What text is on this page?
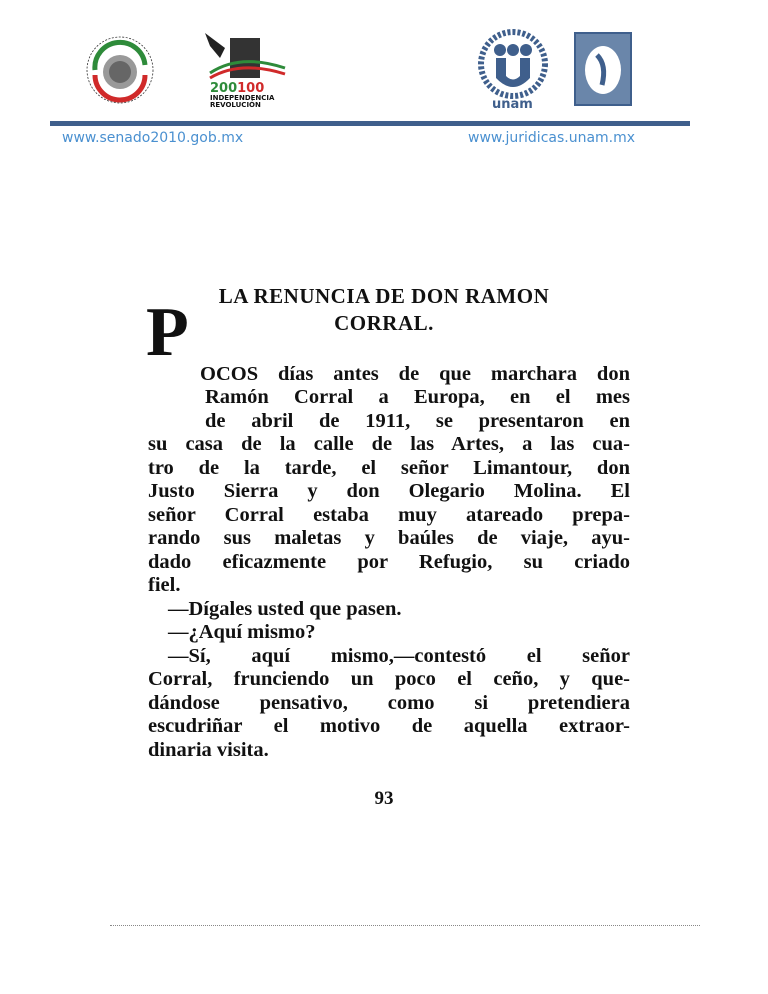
200100
INDEPENDENCIA
REVOLUCIÓN	unam
www.senado2010.gob.mx	www.juridicas.unam.mx
LA RENUNCIA DE DON RAMON
CORRAL.
P
OCOS días antes de que marchara don
Ramón Corral a Europa, en el mes
de abril de 1911, se presentaron en
su casa de la calle de las Artes, a las cua-
tro de la tarde, el señor Limantour, don
Justo Sierra y don Olegario Molina. El
señor Corral estaba muy atareado prepa-
rando sus maletas y baúles de viaje, ayu-
dado eficazmente por Refugio, su criado
fiel.
—Dígales usted que pasen.
—¿Aquí mismo?
—Sí, aquí mismo,—contestó el señor
Corral, frunciendo un poco el ceño, y que-
dándose pensativo, como si pretendiera
escudriñar el motivo de aquella extraor-
dinaria visita.
93
